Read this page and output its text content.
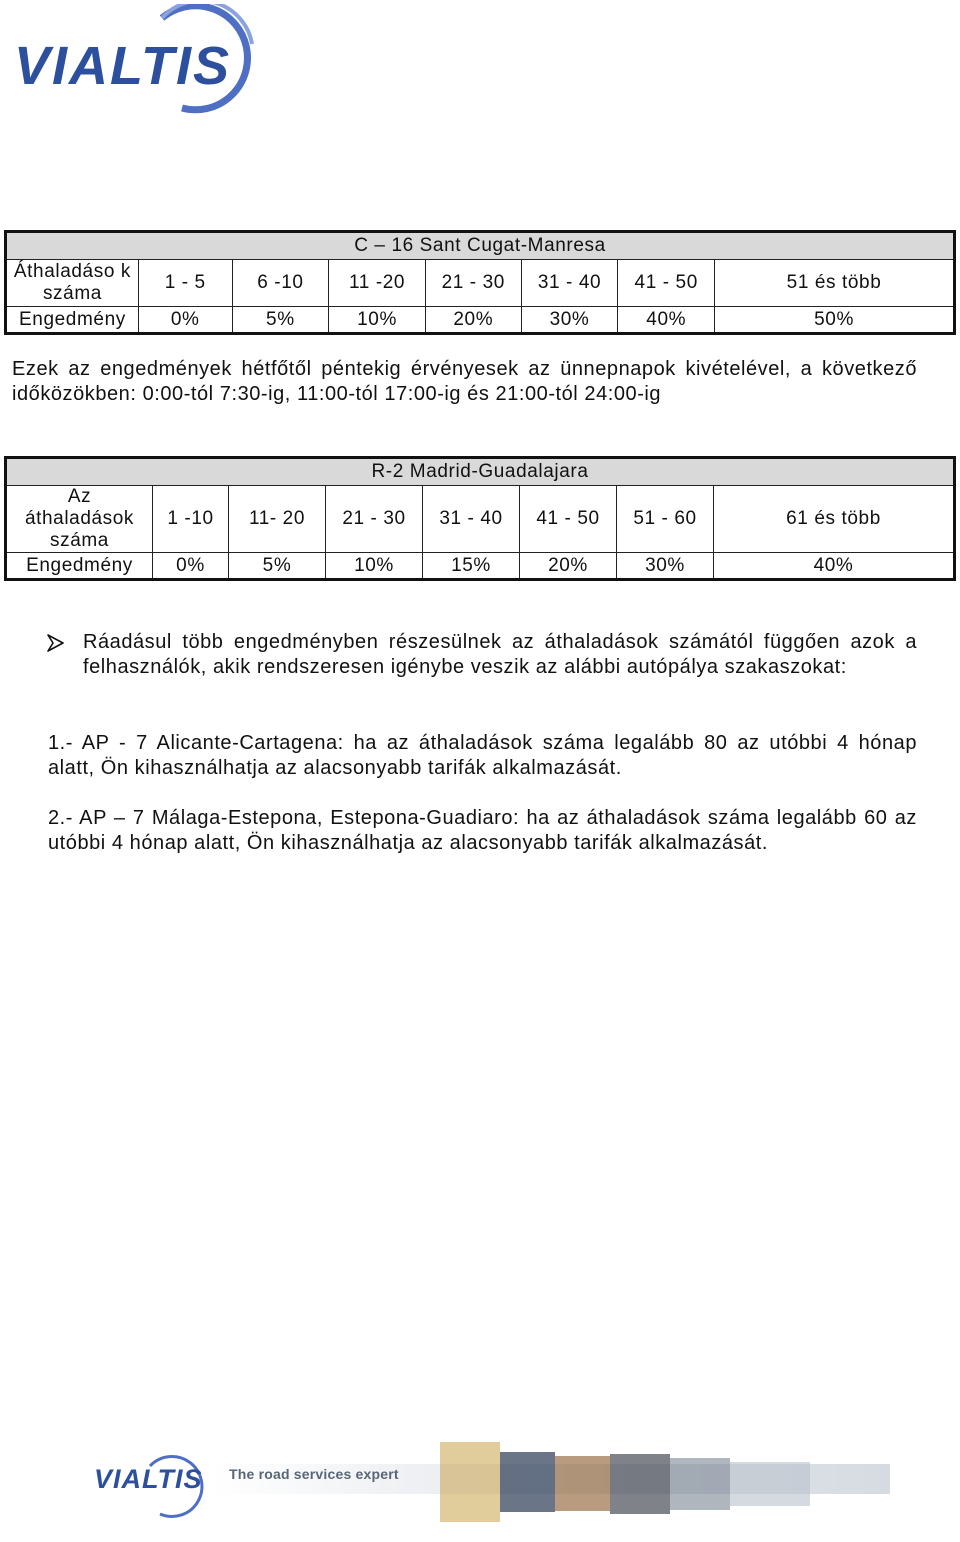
VIALTIS
C – 16 Sant Cugat-Manresa							
Áthaladáso k száma	1 - 5	6 -10	11 -20	21 - 30	31 - 40	41 - 50	51 és több
Engedmény	0%	5%	10%	20%	30%	40%	50%
Ezek az engedmények hétfőtől péntekig érvényesek az ünnepnapok kivételével, a következő időközökben: 0:00-tól 7:30-ig, 11:00-tól 17:00-ig és 21:00-tól 24:00-ig
R-2 Madrid-Guadalajara							
Az áthaladások száma	1 -10	11- 20	21 - 30	31 - 40	41 - 50	51 - 60	61 és több
Engedmény	0%	5%	10%	15%	20%	30%	40%
Ráadásul több engedményben részesülnek az áthaladások számától függően azok a felhasználók, akik rendszeresen igénybe veszik az alábbi autópálya szakaszokat:
1.- AP - 7 Alicante-Cartagena: ha az áthaladások száma legalább 80 az utóbbi 4 hónap alatt, Ön kihasználhatja az alacsonyabb tarifák alkalmazását.
2.- AP – 7 Málaga-Estepona, Estepona-Guadiaro: ha az áthaladások száma legalább 60 az utóbbi 4 hónap alatt, Ön kihasználhatja az alacsonyabb tarifák alkalmazását.
VIALTIS The road services expert
